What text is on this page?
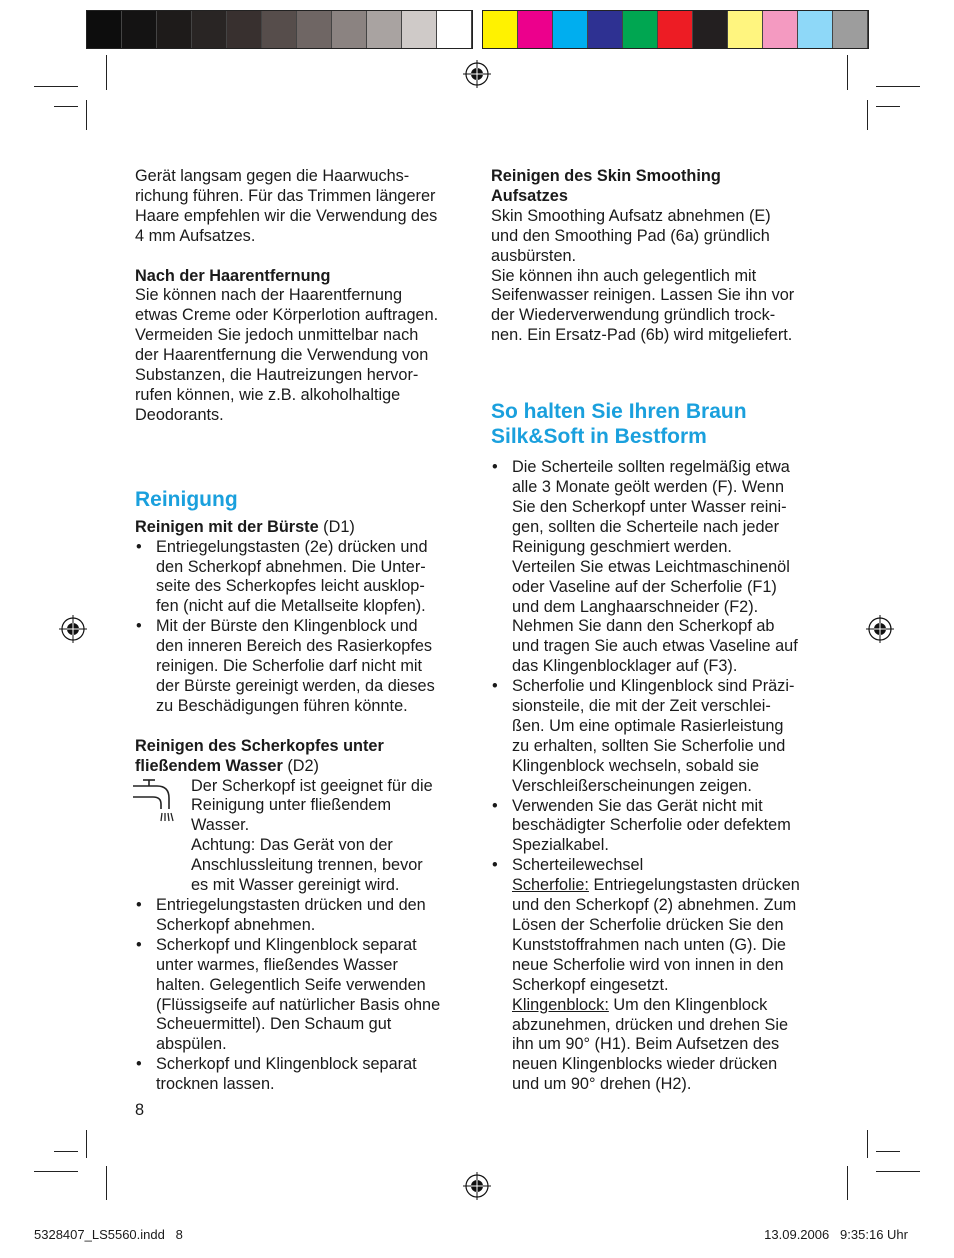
Gerät langsam gegen die Haarwuchs-

richung führen. Für das Trimmen längerer

Haare empfehlen wir die Verwendung des

4 mm Aufsatzes.

Nach der Haarentfernung

Sie können nach der Haarentfernung

etwas Creme oder Körperlotion auftragen.

Vermeiden Sie jedoch unmittelbar nach

der Haarentfernung die Verwendung von

Substanzen, die Hautreizungen hervor-

rufen können, wie z.B. alkoholhaltige

Deodorants.

Reinigung

Reinigen mit der Bürste (D1)

• Entriegelungstasten (2e) drücken und

den Scherkopf abnehmen. Die Unter-

seite des Scherkopfes leicht ausklop-

fen (nicht auf die Metallseite klopfen).

• Mit der Bürste den Klingenblock und

den inneren Bereich des Rasierkopfes

reinigen. Die Scherfolie darf nicht mit

der Bürste gereinigt werden, da dieses

zu Beschädigungen führen könnte.

Reinigen des Scherkopfes unter

fließendem Wasser (D2)

Der Scherkopf ist geeignet für die

Reinigung unter fließendem

Wasser.

Achtung: Das Gerät von der

Anschlussleitung trennen, bevor

es mit Wasser gereinigt wird.

• Entriegelungstasten drücken und den

Scherkopf abnehmen.

• Scherkopf und Klingenblock separat

unter warmes, fließendes Wasser

halten. Gelegentlich Seife verwenden

(Flüssigseife auf natürlicher Basis ohne

Scheuermittel). Den Schaum gut

abspülen.

• Scherkopf und Klingenblock separat

trocknen lassen.

8

Reinigen des Skin Smoothing

Aufsatzes

Skin Smoothing Aufsatz abnehmen (E)

und den Smoothing Pad (6a) gründlich

ausbürsten.

Sie können ihn auch gelegentlich mit

Seifenwasser reinigen. Lassen Sie ihn vor

der Wiederverwendung gründlich trock-

nen. Ein Ersatz-Pad (6b) wird mitgeliefert.

So halten Sie Ihren Braun
Silk&Soft in Bestform

• Die Scherteile sollten regelmäßig etwa

alle 3 Monate geölt werden (F). Wenn

Sie den Scherkopf unter Wasser reini-

gen, sollten die Scherteile nach jeder

Reinigung geschmiert werden.

Verteilen Sie etwas Leichtmaschinenöl

oder Vaseline auf der Scherfolie (F1)

und dem Langhaarschneider (F2).

Nehmen Sie dann den Scherkopf ab

und tragen Sie auch etwas Vaseline auf

das Klingenblocklager auf (F3).

• Scherfolie und Klingenblock sind Präzi-

sionsteile, die mit der Zeit verschlei-

ßen. Um eine optimale Rasierleistung

zu erhalten, sollten Sie Scherfolie und

Klingenblock wechseln, sobald sie

Verschleißerscheinungen zeigen.

• Verwenden Sie das Gerät nicht mit

beschädigter Scherfolie oder defektem

Spezialkabel.

• Scherteilewechsel

Scherfolie: Entriegelungstasten drücken

und den Scherkopf (2) abnehmen. Zum

Lösen der Scherfolie drücken Sie den

Kunststoffrahmen nach unten (G). Die

neue Scherfolie wird von innen in den

Scherkopf eingesetzt.

Klingenblock: Um den Klingenblock

abzunehmen, drücken und drehen Sie

ihn um 90° (H1). Beim Aufsetzen des

neuen Klingenblocks wieder drücken

und um 90° drehen (H2).

5328407_LS5560.indd   8	13.09.2006   9:35:16 Uhr
